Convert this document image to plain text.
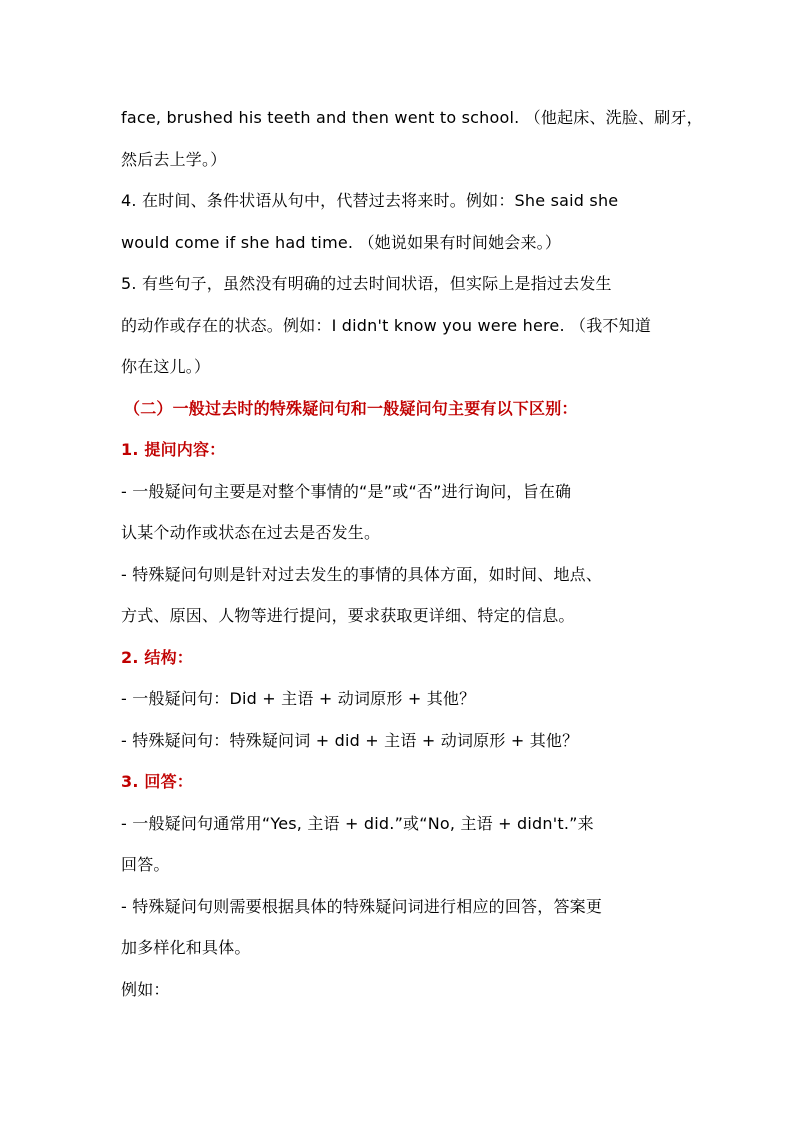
face, brushed his teeth and then went to school. （他起床、洗脸、刷牙，
然后去上学。）
4. 在时间、条件状语从句中，代替过去将来时。例如：She said she
would come if she had time. （她说如果有时间她会来。）
5. 有些句子，虽然没有明确的过去时间状语，但实际上是指过去发生
的动作或存在的状态。例如：I didn't know you were here. （我不知道
你在这儿。）
（二）一般过去时的特殊疑问句和一般疑问句主要有以下区别：
1. 提问内容：
- 一般疑问句主要是对整个事情的“是”或“否”进行询问，旨在确
认某个动作或状态在过去是否发生。
- 特殊疑问句则是针对过去发生的事情的具体方面，如时间、地点、
方式、原因、人物等进行提问，要求获取更详细、特定的信息。
2. 结构：
- 一般疑问句：Did + 主语 + 动词原形 + 其他？
- 特殊疑问句：特殊疑问词 + did + 主语 + 动词原形 + 其他？
3. 回答：
- 一般疑问句通常用“Yes, 主语 + did.”或“No, 主语 + didn't.”来
回答。
- 特殊疑问句则需要根据具体的特殊疑问词进行相应的回答，答案更
加多样化和具体。
例如：
